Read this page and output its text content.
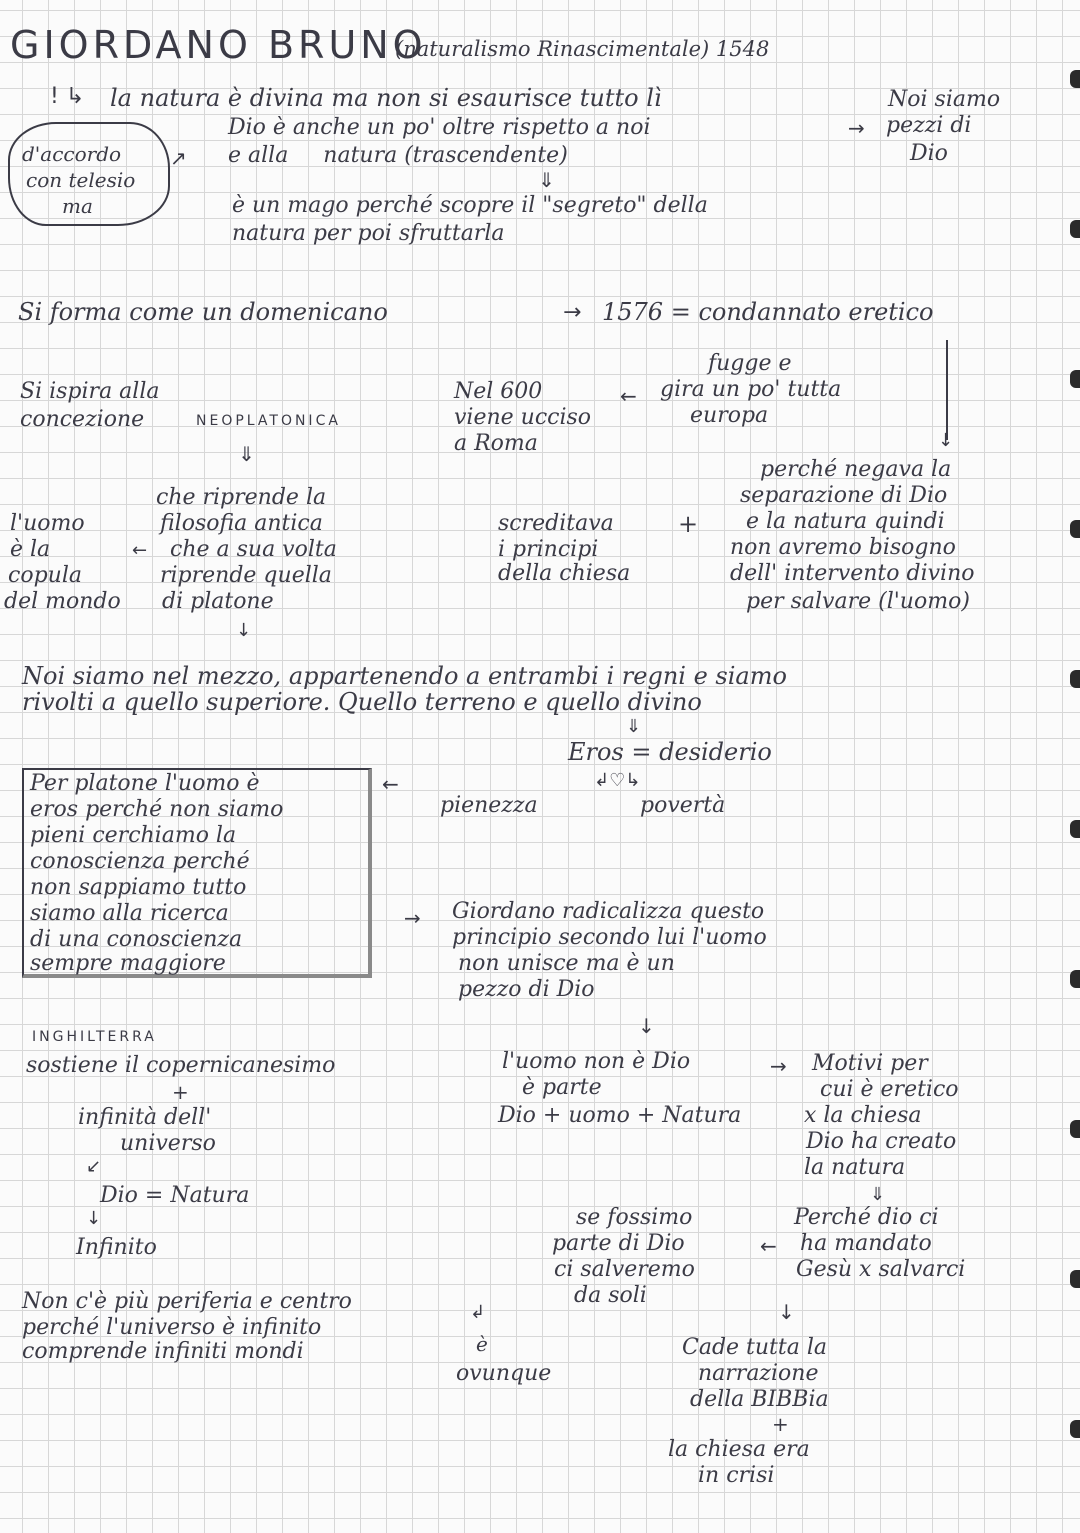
GIORDANO BRUNO
(naturalismo Rinascimentale) 1548
! ↳ la natura è divina ma non si esaurisce tutto lì
Dio è anche un po' oltre rispetto a noi	→
e alla     natura (trascendente)
⇓
è un mago perché scopre il "segreto" della
natura per poi sfruttarla
Noi siamo
pezzi di
Dio
d'accordo
con telesio
ma
↗
Si forma come un domenicano	→ 1576 = condannato eretico
↓
fugge e
← gira un po' tutta
europa
Nel 600
viene ucciso
a Roma
Si ispira alla
concezione	NEOPLATONICA
⇓
perché negava la
separazione di Dio
e la natura quindi
non avremo bisogno
dell' intervento divino
per salvare (l'uomo)
screditava	+
i principi
della chiesa
l'uomo
è la
copula
del mondo
←
che riprende la
filosofia antica
che a sua volta
riprende quella
di platone
↓
Noi siamo nel mezzo, appartenendo a entrambi i regni e siamo
rivolti a quello superiore. Quello terreno e quello divino
⇓
Eros = desiderio
↲♡↳
pienezza	povertà
←
Per platone l'uomo è
eros perché non siamo
pieni cerchiamo la
conoscienza perché
non sappiamo tutto
siamo alla ricerca
di una conoscienza
sempre maggiore
→ Giordano radicalizza questo
principio secondo lui l'uomo
non unisce ma è un
pezzo di Dio
↓
INGHILTERRA
sostiene il copernicanesimo
+
infinità dell'
universo
↙
Dio = Natura
↓
Infinito
Non c'è più periferia e centro
perché l'universo è infinito
comprende infiniti mondi
↲
è
ovunque
l'uomo non è Dio
è parte
Dio + uomo + Natura
→ Motivi per
cui è eretico
x la chiesa
Dio ha creato
la natura
⇓
Perché dio ci
ha mandato
Gesù x salvarci
←
se fossimo
parte di Dio
ci salveremo
da soli
↓
Cade tutta la
narrazione
della BIBBia
+
la chiesa era
in crisi
